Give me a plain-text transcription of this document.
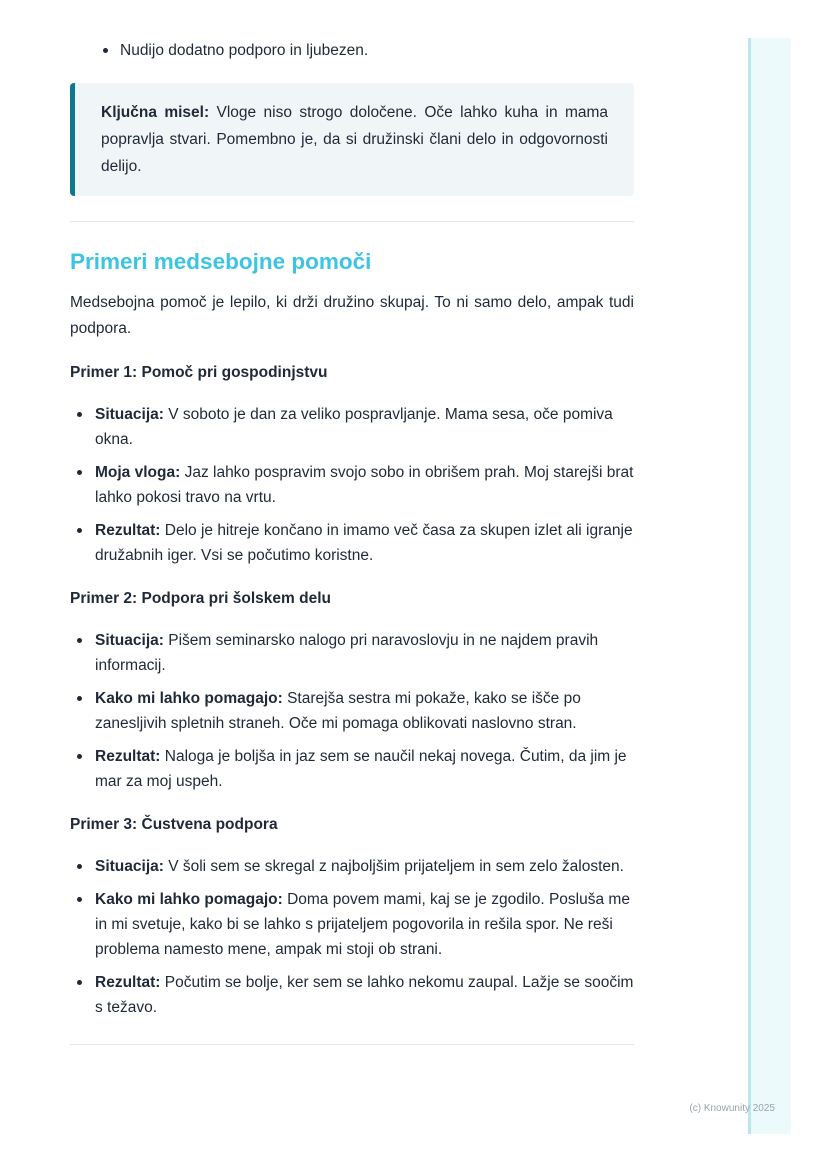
Nudijo dodatno podporo in ljubezen.
Ključna misel: Vloge niso strogo določene. Oče lahko kuha in mama popravlja stvari. Pomembno je, da si družinski člani delo in odgovornosti delijo.
Primeri medsebojne pomoči

Medsebojna pomoč je lepilo, ki drži družino skupaj. To ni samo delo, ampak tudi podpora.

Primer 1: Pomoč pri gospodinjstvu

Situacija: V soboto je dan za veliko pospravljanje. Mama sesa, oče pomiva okna.
Moja vloga: Jaz lahko pospravim svojo sobo in obrišem prah. Moj starejši brat lahko pokosi travo na vrtu.
Rezultat: Delo je hitreje končano in imamo več časa za skupen izlet ali igranje družabnih iger. Vsi se počutimo koristne.

Primer 2: Podpora pri šolskem delu

Situacija: Pišem seminarsko nalogo pri naravoslovju in ne najdem pravih informacij.
Kako mi lahko pomagajo: Starejša sestra mi pokaže, kako se išče po zanesljivih spletnih straneh. Oče mi pomaga oblikovati naslovno stran.
Rezultat: Naloga je boljša in jaz sem se naučil nekaj novega. Čutim, da jim je mar za moj uspeh.

Primer 3: Čustvena podpora

Situacija: V šoli sem se skregal z najboljšim prijateljem in sem zelo žalosten.
Kako mi lahko pomagajo: Doma povem mami, kaj se je zgodilo. Posluša me in mi svetuje, kako bi se lahko s prijateljem pogovorila in rešila spor. Ne reši problema namesto mene, ampak mi stoji ob strani.
Rezultat: Počutim se bolje, ker sem se lahko nekomu zaupal. Lažje se soočim s težavo.
(c) Knowunity 2025
